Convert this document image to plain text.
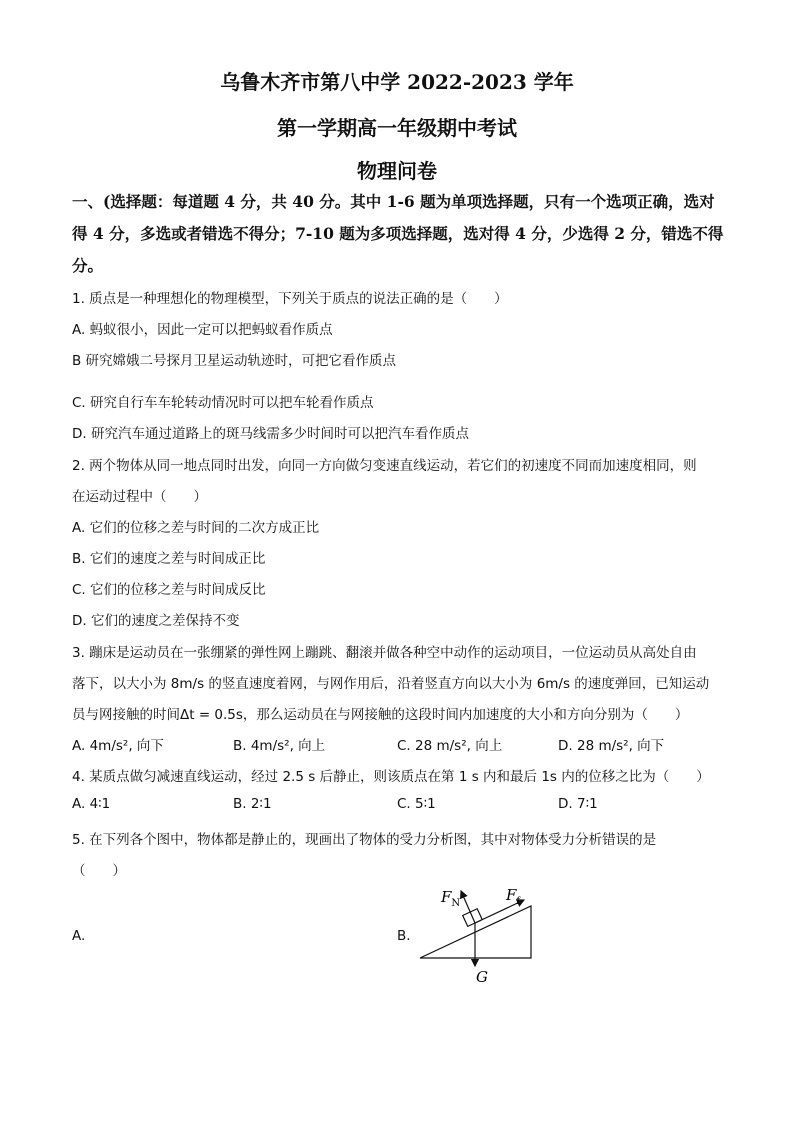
乌鲁木齐市第八中学 2022-2023 学年
第一学期高一年级期中考试
物理问卷
一、(选择题：每道题 4 分，共 40 分。其中 1-6 题为单项选择题，只有一个选项正确，选对
得 4 分，多选或者错选不得分；7-10 题为多项选择题，选对得 4 分，少选得 2 分，错选不得
分。
1. 质点是一种理想化的物理模型，下列关于质点的说法正确的是（　　）
A. 蚂蚁很小，因此一定可以把蚂蚁看作质点
B 研究嫦娥二号探月卫星运动轨迹时，可把它看作质点
C. 研究自行车车轮转动情况时可以把车轮看作质点
D. 研究汽车通过道路上的斑马线需多少时间时可以把汽车看作质点
2. 两个物体从同一地点同时出发，向同一方向做匀变速直线运动，若它们的初速度不同而加速度相同，则
在运动过程中（　　）
A. 它们的位移之差与时间的二次方成正比
B. 它们的速度之差与时间成正比
C. 它们的位移之差与时间成反比
D. 它们的速度之差保持不变
3. 蹦床是运动员在一张绷紧的弹性网上蹦跳、翻滚并做各种空中动作的运动项目，一位运动员从高处自由
落下，以大小为 8m/s 的竖直速度着网，与网作用后，沿着竖直方向以大小为 6m/s 的速度弹回，已知运动
员与网接触的时间Δt = 0.5s，那么运动员在与网接触的这段时间内加速度的大小和方向分别为（　　）
A. 4m/s², 向下	B. 4m/s², 向上	C. 28 m/s², 向上	D. 28 m/s², 向下
4. 某质点做匀减速直线运动，经过 2.5 s 后静止，则该质点在第 1 s 内和最后 1s 内的位移之比为（　　）
A. 4∶1	B. 2∶1	C. 5∶1	D. 7∶1
5. 在下列各个图中，物体都是静止的，现画出了物体的受力分析图，其中对物体受力分析错误的是
（　　）
A.	B.
$F_N$	$F_f$
G
